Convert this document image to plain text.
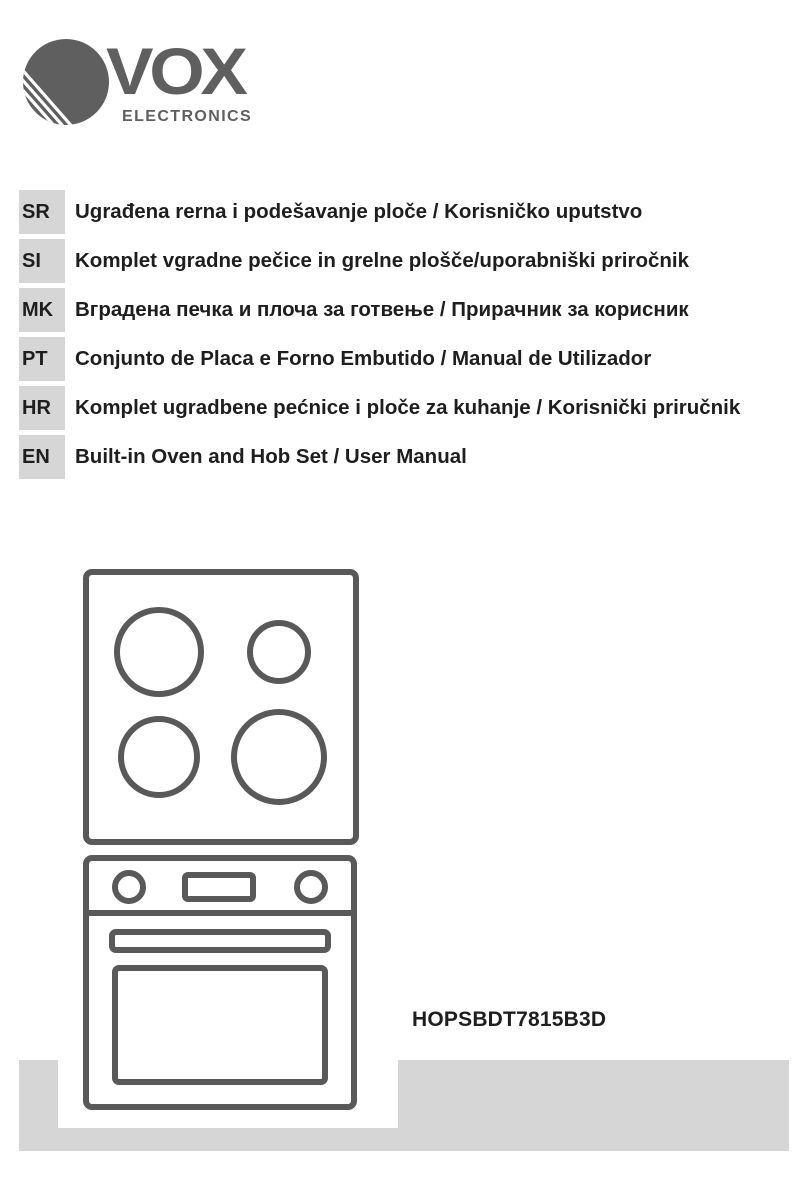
VOX
ELECTRONICS
SR	Ugrađena rerna i podešavanje ploče / Korisničko uputstvo
SI	Komplet vgradne pečice in grelne plošče/uporabniški priročnik
MK	Вградена печка и плоча за готвење / Прирачник за корисник
PT	Conjunto de Placa e Forno Embutido / Manual de Utilizador
HR	Komplet ugradbene pećnice i ploče za kuhanje / Korisnički priručnik
EN	Built-in Oven and Hob Set / User Manual
HOPSBDT7815B3D
